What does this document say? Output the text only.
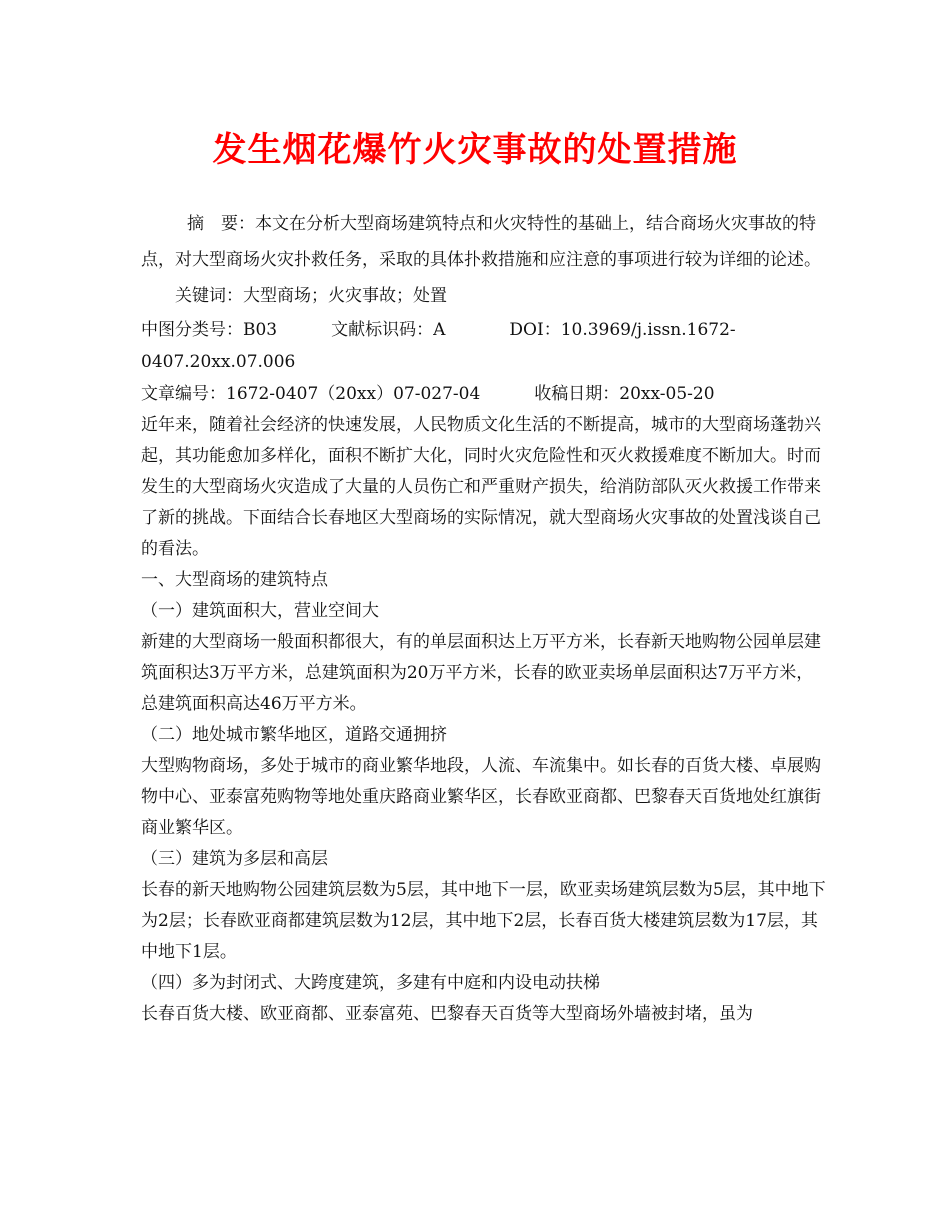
发生烟花爆竹火灾事故的处置措施

摘　要：本文在分析大型商场建筑特点和火灾特性的基础上，结合商场火灾事故的特点，对大型商场火灾扑救任务，采取的具体扑救措施和应注意的事项进行较为详细的论述。关键词：大型商场；火灾事故；处置

中图分类号：B03	文献标识码：A	DOI：10.3969/j.issn.1672-0407.20xx.07.006

文章编号：1672-0407（20xx）07-027-04	收稿日期：20xx-05-20

近年来，随着社会经济的快速发展，人民物质文化生活的不断提高，城市的大型商场蓬勃兴起，其功能愈加多样化，面积不断扩大化，同时火灾危险性和灭火救援难度不断加大。时而发生的大型商场火灾造成了大量的人员伤亡和严重财产损失，给消防部队灭火救援工作带来了新的挑战。下面结合长春地区大型商场的实际情况，就大型商场火灾事故的处置浅谈自己的看法。

一、大型商场的建筑特点

（一）建筑面积大，营业空间大

新建的大型商场一般面积都很大，有的单层面积达上万平方米，长春新天地购物公园单层建筑面积达3万平方米，总建筑面积为20万平方米，长春的欧亚卖场单层面积达7万平方米，总建筑面积高达46万平方米。

（二）地处城市繁华地区，道路交通拥挤

大型购物商场，多处于城市的商业繁华地段，人流、车流集中。如长春的百货大楼、卓展购物中心、亚泰富苑购物等地处重庆路商业繁华区，长春欧亚商都、巴黎春天百货地处红旗街商业繁华区。

（三）建筑为多层和高层

长春的新天地购物公园建筑层数为5层，其中地下一层，欧亚卖场建筑层数为5层，其中地下为2层；长春欧亚商都建筑层数为12层，其中地下2层，长春百货大楼建筑层数为17层，其中地下1层。

（四）多为封闭式、大跨度建筑，多建有中庭和内设电动扶梯

长春百货大楼、欧亚商都、亚泰富苑、巴黎春天百货等大型商场外墙被封堵，虽为
